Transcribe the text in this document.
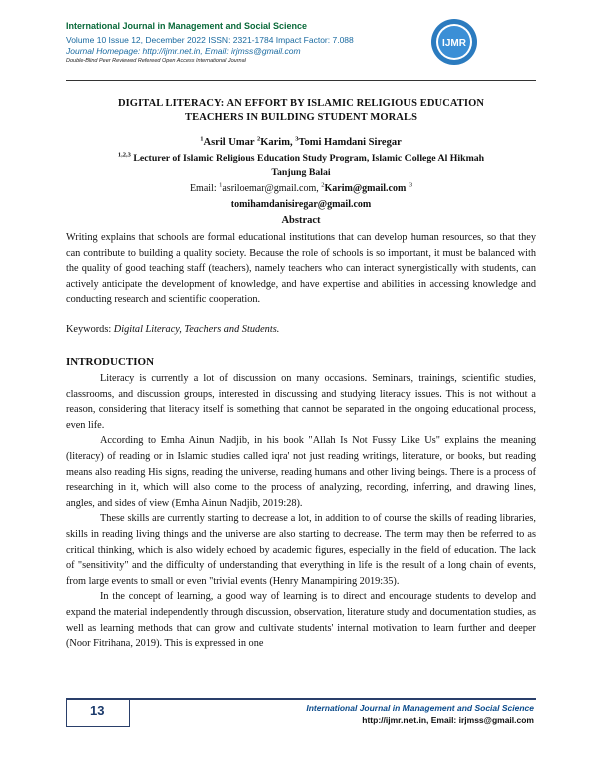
International Journal in Management and Social Science
Volume 10 Issue 12, December 2022 ISSN: 2321-1784 Impact Factor: 7.088
Journal Homepage: http://ijmr.net.in, Email: irjmss@gmail.com
Double-Blind Peer Reviewed Refereed Open Access International Journal
IJMR
DIGITAL LITERACY: AN EFFORT BY ISLAMIC RELIGIOUS EDUCATION
TEACHERS IN BUILDING STUDENT MORALS
$^1$Asril Umar $^2$Karim, $^3$Tomi Hamdani Siregar
$^{1,2,3}$ Lecturer of Islamic Religious Education Study Program, Islamic College Al Hikmah
Tanjung Balai
Email: $^1$asriloemar@gmail.com, $^2$Karim@gmail.com $^3$
tomihamdanisiregar@gmail.com
Abstract

Writing explains that schools are formal educational institutions that can develop human resources, so that they can contribute to building a quality society. Because the role of schools is so important, it must be balanced with the quality of good teaching staff (teachers), namely teachers who can interact synergistically with students, can actively anticipate the development of knowledge, and have expertise and abilities in accessing knowledge and conducting research and scientific cooperation.

Keywords: Digital Literacy, Teachers and Students.
INTRODUCTION

Literacy is currently a lot of discussion on many occasions. Seminars, trainings, scientific studies, classrooms, and discussion groups, interested in discussing and studying literacy issues. This is not without a reason, considering that literacy itself is something that cannot be separated in the ongoing educational process, even life.

According to Emha Ainun Nadjib, in his book "Allah Is Not Fussy Like Us" explains the meaning (literacy) of reading or in Islamic studies called iqra' not just reading writings, literature, or books, but reading means also reading His signs, reading the universe, reading humans and other living beings. There is a process of researching in it, which will also come to the process of analyzing, recording, inferring, and drawing lines, angles, and sides of view (Emha Ainun Nadjib, 2019:28).

These skills are currently starting to decrease a lot, in addition to of course the skills of reading libraries, skills in reading living things and the universe are also starting to decrease. The term may then be referred to as critical thinking, which is also widely echoed by academic figures, especially in the field of education. The lack of "sensitivity" and the difficulty of understanding that everything in life is the result of a long chain of events, from large events to small or even "trivial events (Henry Manampiring 2019:35).

In the concept of learning, a good way of learning is to direct and encourage students to develop and expand the material independently through discussion, observation, literature study and documentation studies, as well as learning methods that can grow and cultivate students' internal motivation to learn further and deeper (Noor Fitrihana, 2019). This is expressed in one

13	International Journal in Management and Social Science
http://ijmr.net.in, Email: irjmss@gmail.com
